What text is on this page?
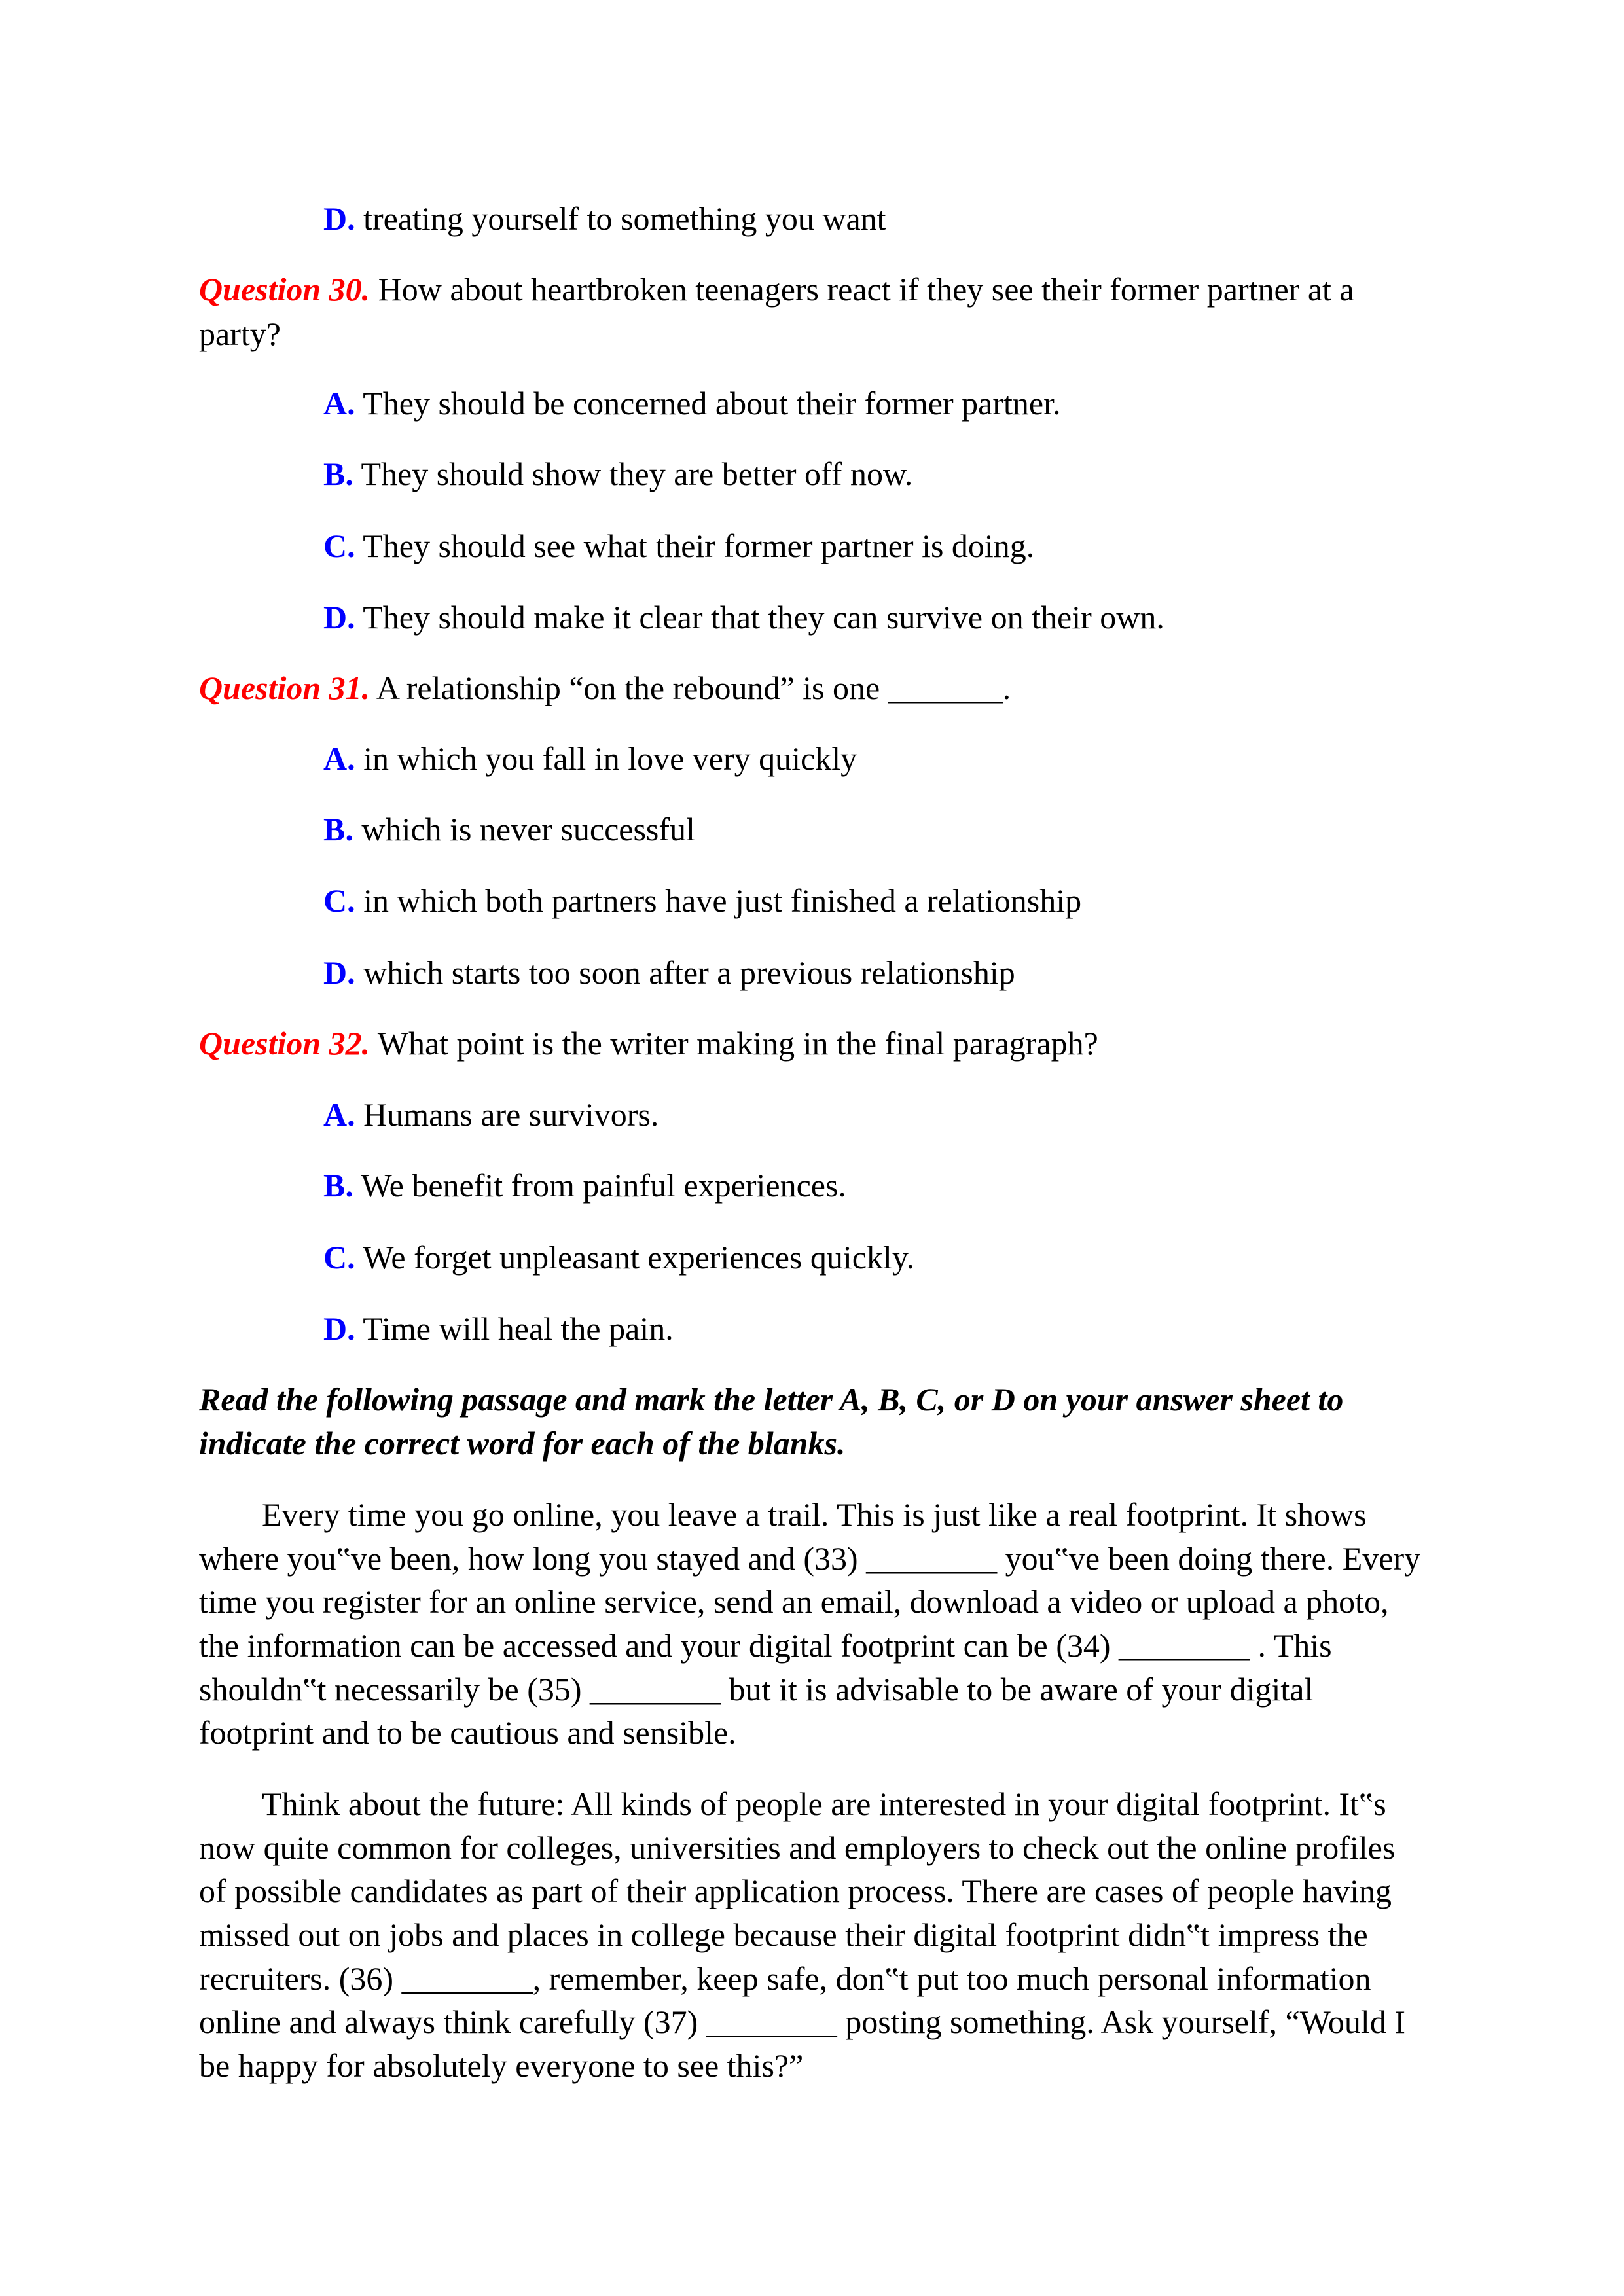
D. treating yourself to something you want
Question 30. How about heartbroken teenagers react if they see their former partner at a
party?
A. They should be concerned about their former partner.
B. They should show they are better off now.
C. They should see what their former partner is doing.
D. They should make it clear that they can survive on their own.
Question 31. A relationship “on the rebound” is one _______.
A. in which you fall in love very quickly
B. which is never successful
C. in which both partners have just finished a relationship
D. which starts too soon after a previous relationship
Question 32. What point is the writer making in the final paragraph?
A. Humans are survivors.
B. We benefit from painful experiences.
C. We forget unpleasant experiences quickly.
D. Time will heal the pain.
Read the following passage and mark the letter A, B, C, or D on your answer sheet to
indicate the correct word for each of the blanks.
Every time you go online, you leave a trail. This is just like a real footprint. It shows
where you‟ve been, how long you stayed and (33) ________ you‟ve been doing there. Every
time you register for an online service, send an email, download a video or upload a photo,
the information can be accessed and your digital footprint can be (34) ________ . This
shouldn‟t necessarily be (35) ________ but it is advisable to be aware of your digital
footprint and to be cautious and sensible.
Think about the future: All kinds of people are interested in your digital footprint. It‟s
now quite common for colleges, universities and employers to check out the online profiles
of possible candidates as part of their application process. There are cases of people having
missed out on jobs and places in college because their digital footprint didn‟t impress the
recruiters. (36) ________, remember, keep safe, don‟t put too much personal information
online and always think carefully (37) ________ posting something. Ask yourself, “Would I
be happy for absolutely everyone to see this?”
